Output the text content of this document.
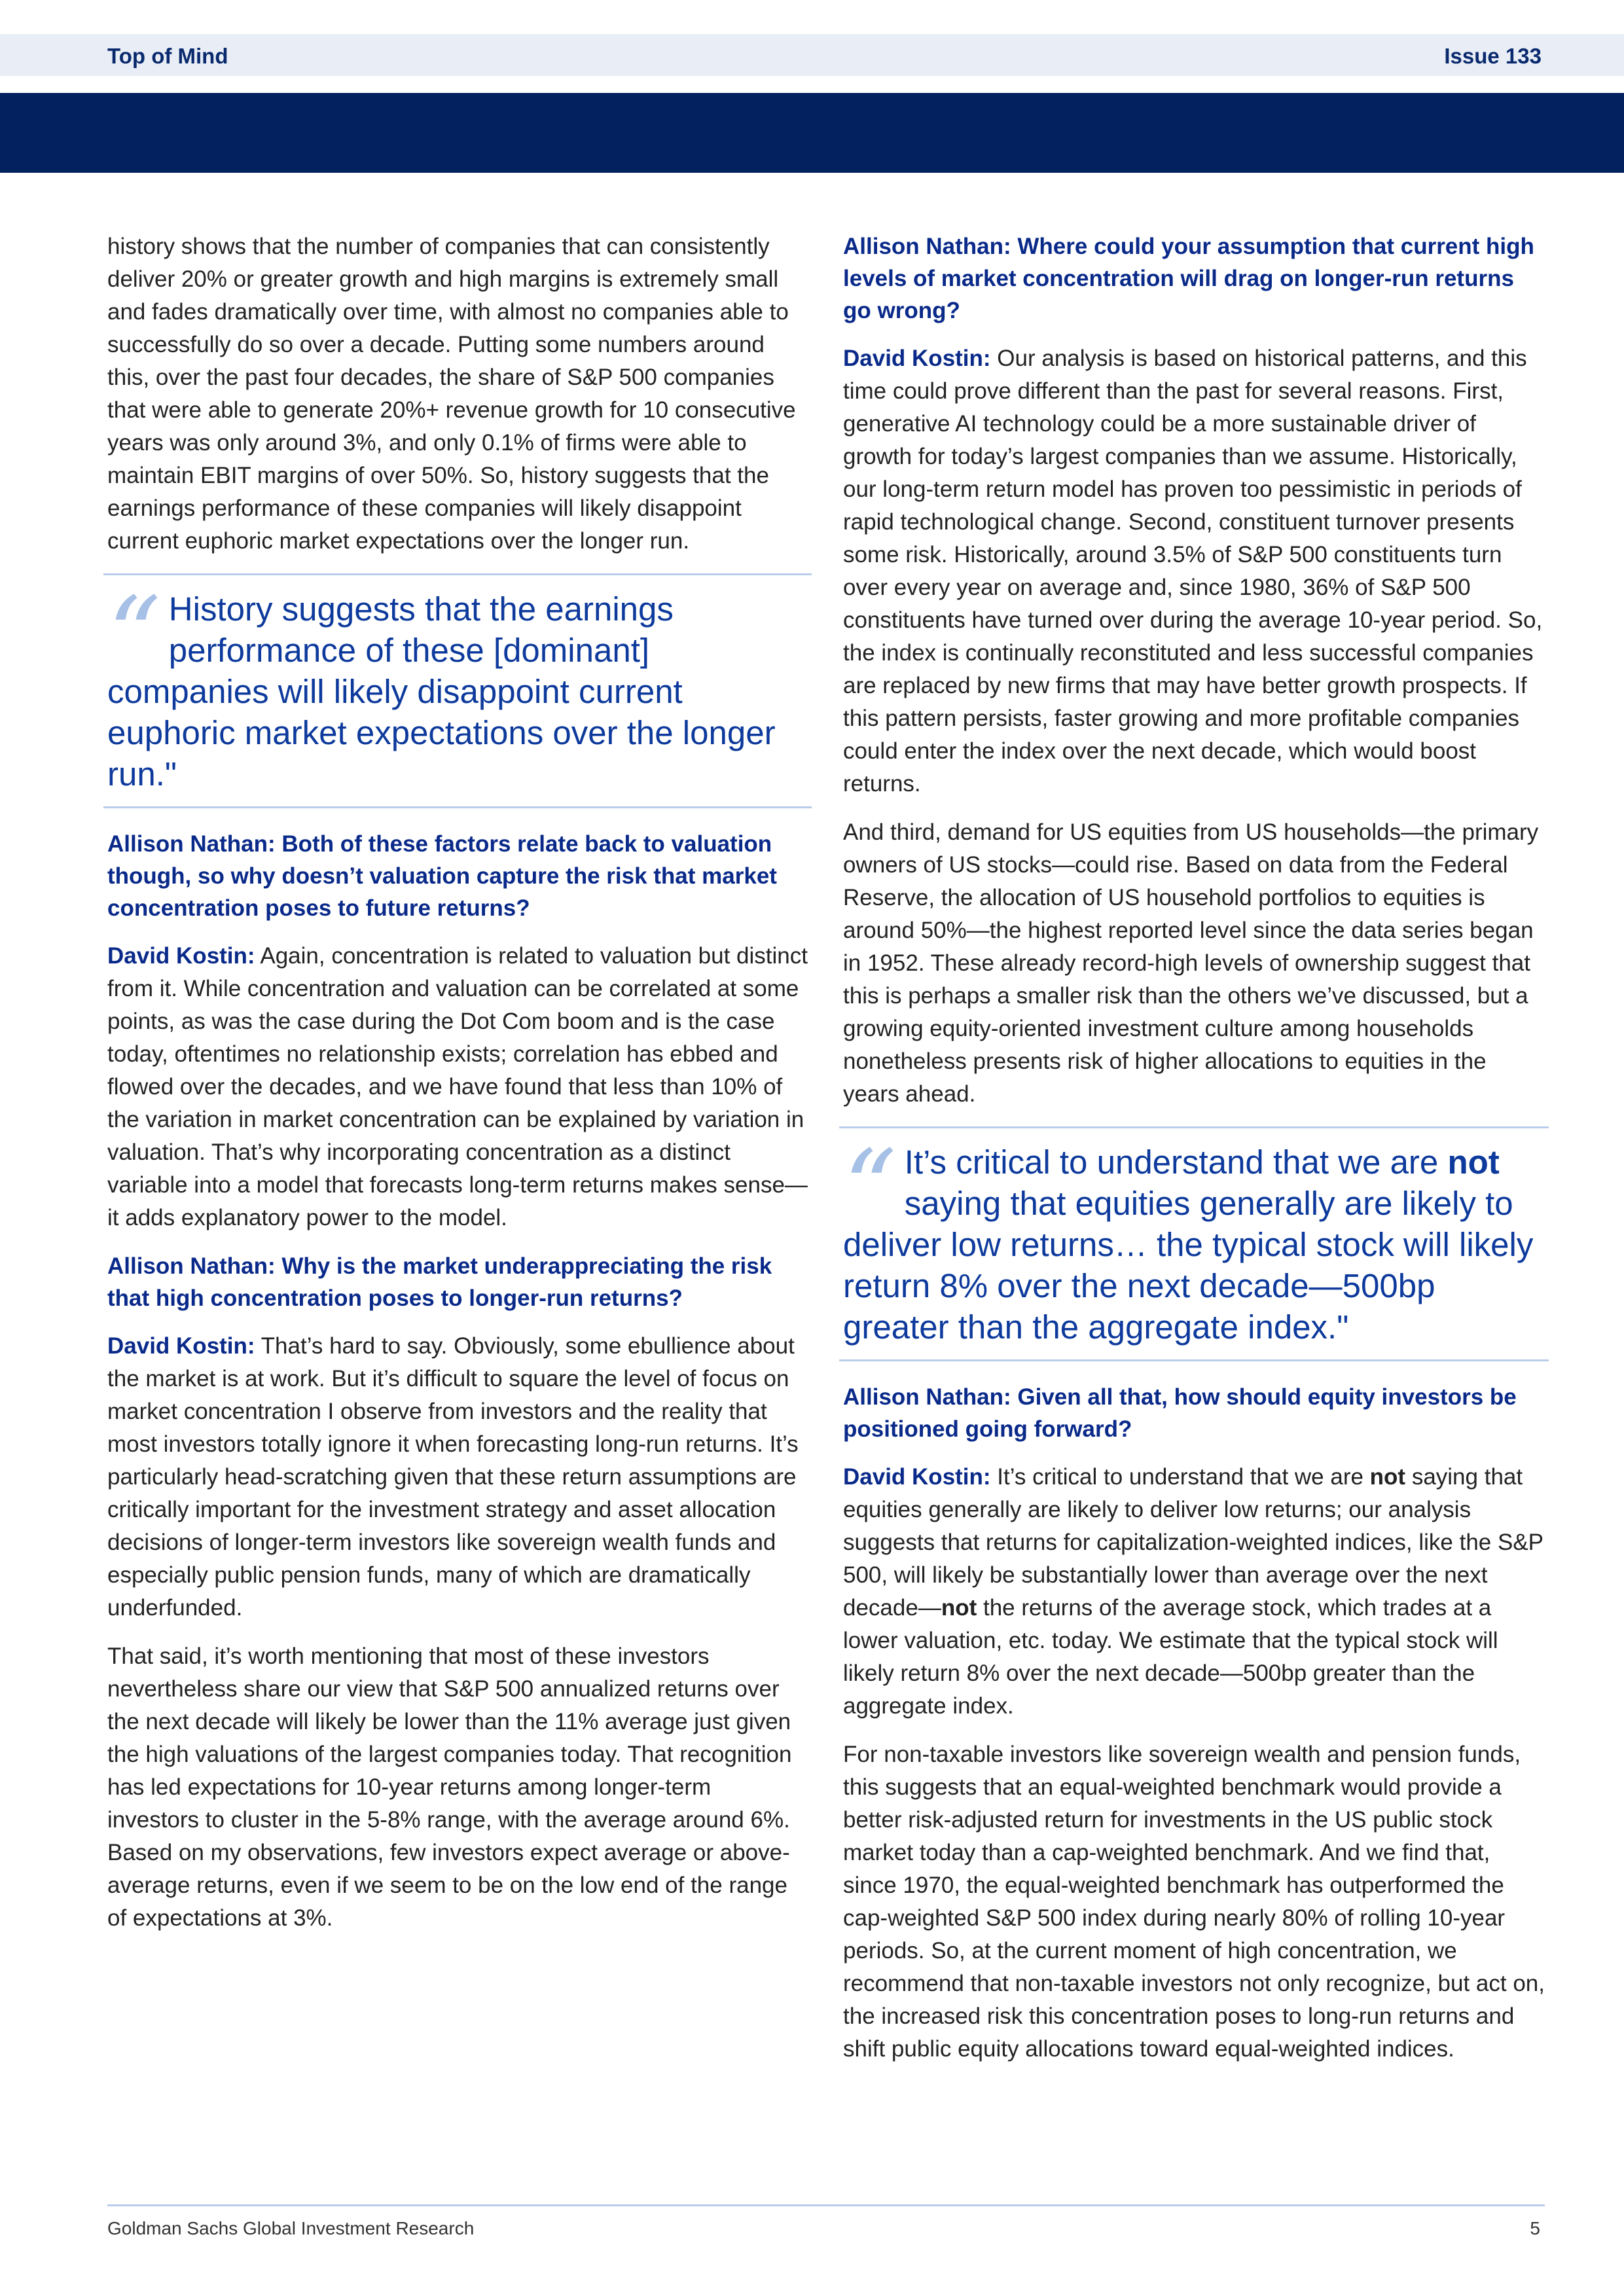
Top of Mind	Issue 133

history shows that the number of companies that can consistently deliver 20% or greater growth and high margins is extremely small and fades dramatically over time, with almost no companies able to successfully do so over a decade. Putting some numbers around this, over the past four decades, the share of S&P 500 companies that were able to generate 20%+ revenue growth for 10 consecutive years was only around 3%, and only 0.1% of firms were able to maintain EBIT margins of over 50%. So, history suggests that the earnings performance of these companies will likely disappoint current euphoric market expectations over the longer run.

“ History suggests that the earnings performance of these [dominant] companies will likely disappoint current euphoric market expectations over the longer run."

Allison Nathan: Both of these factors relate back to valuation though, so why doesn’t valuation capture the risk that market concentration poses to future returns?

David Kostin: Again, concentration is related to valuation but distinct from it. While concentration and valuation can be correlated at some points, as was the case during the Dot Com boom and is the case today, oftentimes no relationship exists; correlation has ebbed and flowed over the decades, and we have found that less than 10% of the variation in market concentration can be explained by variation in valuation. That’s why incorporating concentration as a distinct variable into a model that forecasts long-term returns makes sense—it adds explanatory power to the model.

Allison Nathan: Why is the market underappreciating the risk that high concentration poses to longer-run returns?

David Kostin: That’s hard to say. Obviously, some ebullience about the market is at work. But it’s difficult to square the level of focus on market concentration I observe from investors and the reality that most investors totally ignore it when forecasting long-run returns. It’s particularly head-scratching given that these return assumptions are critically important for the investment strategy and asset allocation decisions of longer-term investors like sovereign wealth funds and especially public pension funds, many of which are dramatically underfunded.

That said, it’s worth mentioning that most of these investors nevertheless share our view that S&P 500 annualized returns over the next decade will likely be lower than the 11% average just given the high valuations of the largest companies today. That recognition has led expectations for 10-year returns among longer-term investors to cluster in the 5-8% range, with the average around 6%. Based on my observations, few investors expect average or above-average returns, even if we seem to be on the low end of the range of expectations at 3%.

Allison Nathan: Where could your assumption that current high levels of market concentration will drag on longer-run returns go wrong?

David Kostin: Our analysis is based on historical patterns, and this time could prove different than the past for several reasons. First, generative AI technology could be a more sustainable driver of growth for today’s largest companies than we assume. Historically, our long-term return model has proven too pessimistic in periods of rapid technological change. Second, constituent turnover presents some risk. Historically, around 3.5% of S&P 500 constituents turn over every year on average and, since 1980, 36% of S&P 500 constituents have turned over during the average 10-year period. So, the index is continually reconstituted and less successful companies are replaced by new firms that may have better growth prospects. If this pattern persists, faster growing and more profitable companies could enter the index over the next decade, which would boost returns.

And third, demand for US equities from US households—the primary owners of US stocks—could rise. Based on data from the Federal Reserve, the allocation of US household portfolios to equities is around 50%—the highest reported level since the data series began in 1952. These already record-high levels of ownership suggest that this is perhaps a smaller risk than the others we’ve discussed, but a growing equity-oriented investment culture among households nonetheless presents risk of higher allocations to equities in the years ahead.

“ It’s critical to understand that we are not saying that equities generally are likely to deliver low returns… the typical stock will likely return 8% over the next decade—500bp greater than the aggregate index."

Allison Nathan: Given all that, how should equity investors be positioned going forward?

David Kostin: It’s critical to understand that we are not saying that equities generally are likely to deliver low returns; our analysis suggests that returns for capitalization-weighted indices, like the S&P 500, will likely be substantially lower than average over the next decade—not the returns of the average stock, which trades at a lower valuation, etc. today. We estimate that the typical stock will likely return 8% over the next decade—500bp greater than the aggregate index.

For non-taxable investors like sovereign wealth and pension funds, this suggests that an equal-weighted benchmark would provide a better risk-adjusted return for investments in the US public stock market today than a cap-weighted benchmark. And we find that, since 1970, the equal-weighted benchmark has outperformed the cap-weighted S&P 500 index during nearly 80% of rolling 10-year periods. So, at the current moment of high concentration, we recommend that non-taxable investors not only recognize, but act on, the increased risk this concentration poses to long-run returns and shift public equity allocations toward equal-weighted indices.

Goldman Sachs Global Investment Research	5
